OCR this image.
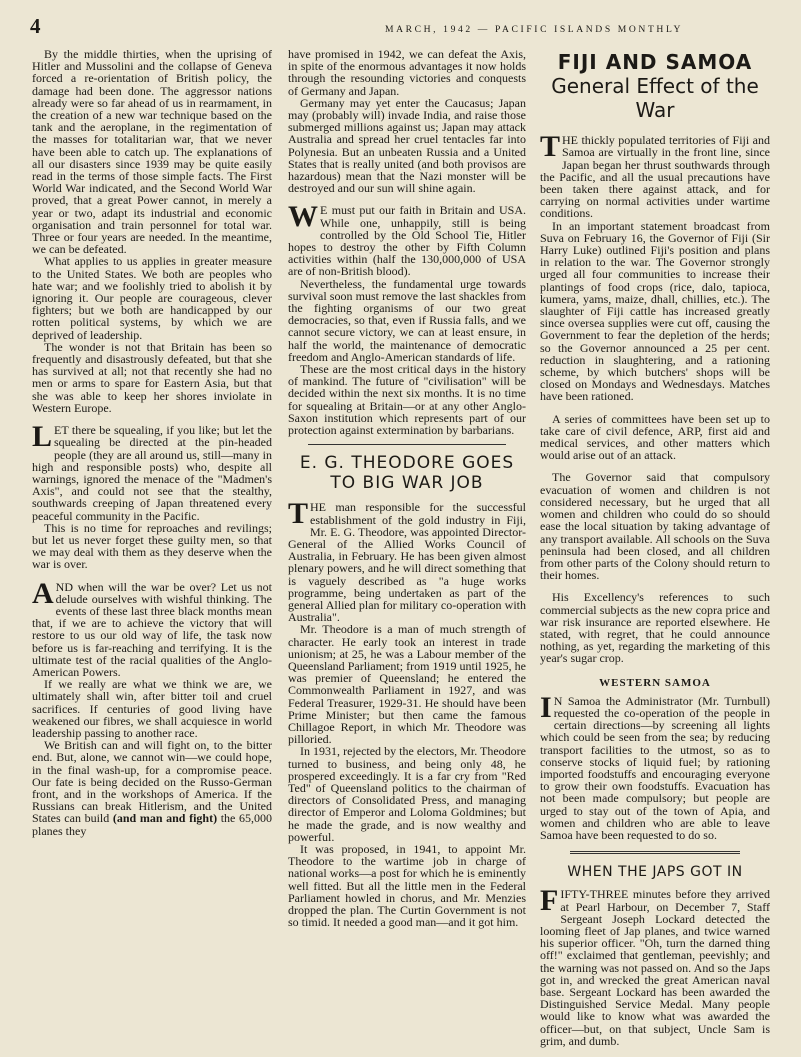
4	MARCH, 1942 — PACIFIC ISLANDS MONTHLY

By the middle thirties, when the uprising of Hitler and Mussolini and the collapse of Geneva forced a re-orientation of British policy, the damage had been done. The aggressor nations already were so far ahead of us in rearmament, in the creation of a new war technique based on the tank and the aeroplane, in the regimentation of the masses for totalitarian war, that we never have been able to catch up. The explanations of all our disasters since 1939 may be quite easily read in the terms of those simple facts. The First World War indicated, and the Second World War proved, that a great Power cannot, in merely a year or two, adapt its industrial and economic organisation and train personnel for total war. Three or four years are needed. In the meantime, we can be defeated.

What applies to us applies in greater measure to the United States. We both are peoples who hate war; and we foolishly tried to abolish it by ignoring it. Our people are courageous, clever fighters; but we both are handicapped by our rotten political systems, by which we are deprived of leadership.

The wonder is not that Britain has been so frequently and disastrously defeated, but that she has survived at all; not that recently she had no men or arms to spare for Eastern Asia, but that she was able to keep her shores inviolate in Western Europe.

LET there be squealing, if you like; but let the squealing be directed at the pin-headed people (they are all around us, still—many in high and responsible posts) who, despite all warnings, ignored the menace of the "Madmen's Axis", and could not see that the stealthy, southwards creeping of Japan threatened every peaceful community in the Pacific.

This is no time for reproaches and revilings; but let us never forget these guilty men, so that we may deal with them as they deserve when the war is over.

AND when will the war be over? Let us not delude ourselves with wishful thinking. The events of these last three black months mean that, if we are to achieve the victory that will restore to us our old way of life, the task now before us is far-reaching and terrifying. It is the ultimate test of the racial qualities of the Anglo-American Powers.

If we really are what we think we are, we ultimately shall win, after bitter toil and cruel sacrifices. If centuries of good living have weakened our fibres, we shall acquiesce in world leadership passing to another race.

We British can and will fight on, to the bitter end. But, alone, we cannot win—we could hope, in the final wash-up, for a compromise peace. Our fate is being decided on the Russo-German front, and in the workshops of America. If the Russians can break Hitlerism, and the United States can build (and man and fight) the 65,000 planes they

have promised in 1942, we can defeat the Axis, in spite of the enormous advantages it now holds through the resounding victories and conquests of Germany and Japan.

Germany may yet enter the Caucasus; Japan may (probably will) invade India, and raise those submerged millions against us; Japan may attack Australia and spread her cruel tentacles far into Polynesia. But an unbeaten Russia and a United States that is really united (and both provisos are hazardous) mean that the Nazi monster will be destroyed and our sun will shine again.

W E must put our faith in Britain and USA. While one, unhappily, still is being controlled by the Old School Tie, Hitler hopes to destroy the other by Fifth Column activities within (half the 130,000,000 of USA are of non-British blood).

Nevertheless, the fundamental urge towards survival soon must remove the last shackles from the fighting organisms of our two great democracies, so that, even if Russia falls, and we cannot secure victory, we can at least ensure, in half the world, the maintenance of democratic freedom and Anglo-American standards of life.

These are the most critical days in the history of mankind. The future of "civilisation" will be decided within the next six months. It is no time for squealing at Britain—or at any other Anglo-Saxon institution which represents part of our protection against extermination by barbarians.

E. G. THEODORE GOES TO BIG WAR JOB

THE man responsible for the successful establishment of the gold industry in Fiji, Mr. E. G. Theodore, was appointed Director-General of the Allied Works Council of Australia, in February. He has been given almost plenary powers, and he will direct something that is vaguely described as "a huge works programme, being undertaken as part of the general Allied plan for military co-operation with Australia".

Mr. Theodore is a man of much strength of character. He early took an interest in trade unionism; at 25, he was a Labour member of the Queensland Parliament; from 1919 until 1925, he was premier of Queensland; he entered the Commonwealth Parliament in 1927, and was Federal Treasurer, 1929-31. He should have been Prime Minister; but then came the famous Chillagoe Report, in which Mr. Theodore was pilloried.

In 1931, rejected by the electors, Mr. Theodore turned to business, and being only 48, he prospered exceedingly. It is a far cry from "Red Ted" of Queensland politics to the chairman of directors of Consolidated Press, and managing director of Emperor and Loloma Goldmines; but he made the grade, and is now wealthy and powerful.

It was proposed, in 1941, to appoint Mr. Theodore to the wartime job in charge of national works—a post for which he is eminently well fitted. But all the little men in the Federal Parliament howled in chorus, and Mr. Menzies dropped the plan. The Curtin Government is not so timid. It needed a good man—and it got him.

FIJI AND SAMOA
General Effect of the War

THE thickly populated territories of Fiji and Samoa are virtually in the front line, since Japan began her thrust southwards through the Pacific, and all the usual precautions have been taken there against attack, and for carrying on normal activities under wartime conditions.

In an important statement broadcast from Suva on February 16, the Governor of Fiji (Sir Harry Luke) outlined Fiji's position and plans in relation to the war. The Governor strongly urged all four communities to increase their plantings of food crops (rice, dalo, tapioca, kumera, yams, maize, dhall, chillies, etc.). The slaughter of Fiji cattle has increased greatly since oversea supplies were cut off, causing the Government to fear the depletion of the herds; so the Governor announced a 25 per cent. reduction in slaughtering, and a rationing scheme, by which butchers' shops will be closed on Mondays and Wednesdays. Matches have been rationed.

A series of committees have been set up to take care of civil defence, ARP, first aid and medical services, and other matters which would arise out of an attack.

The Governor said that compulsory evacuation of women and children is not considered necessary, but he urged that all women and children who could do so should ease the local situation by taking advantage of any transport available. All schools on the Suva peninsula had been closed, and all children from other parts of the Colony should return to their homes.

His Excellency's references to such commercial subjects as the new copra price and war risk insurance are reported elsewhere. He stated, with regret, that he could announce nothing, as yet, regarding the marketing of this year's sugar crop.

WESTERN SAMOA

I N Samoa the Administrator (Mr. Turnbull) requested the co-operation of the people in certain directions—by screening all lights which could be seen from the sea; by reducing transport facilities to the utmost, so as to conserve stocks of liquid fuel; by rationing imported foodstuffs and encouraging everyone to grow their own foodstuffs. Evacuation has not been made compulsory; but people are urged to stay out of the town of Apia, and women and children who are able to leave Samoa have been requested to do so.

WHEN THE JAPS GOT IN

FIFTY-THREE minutes before they arrived at Pearl Harbour, on December 7, Staff Sergeant Joseph Lockard detected the looming fleet of Jap planes, and twice warned his superior officer. "Oh, turn the darned thing off!" exclaimed that gentleman, peevishly; and the warning was not passed on. And so the Japs got in, and wrecked the great American naval base. Sergeant Lockard has been awarded the Distinguished Service Medal. Many people would like to know what was awarded the officer—but, on that subject, Uncle Sam is grim, and dumb.
